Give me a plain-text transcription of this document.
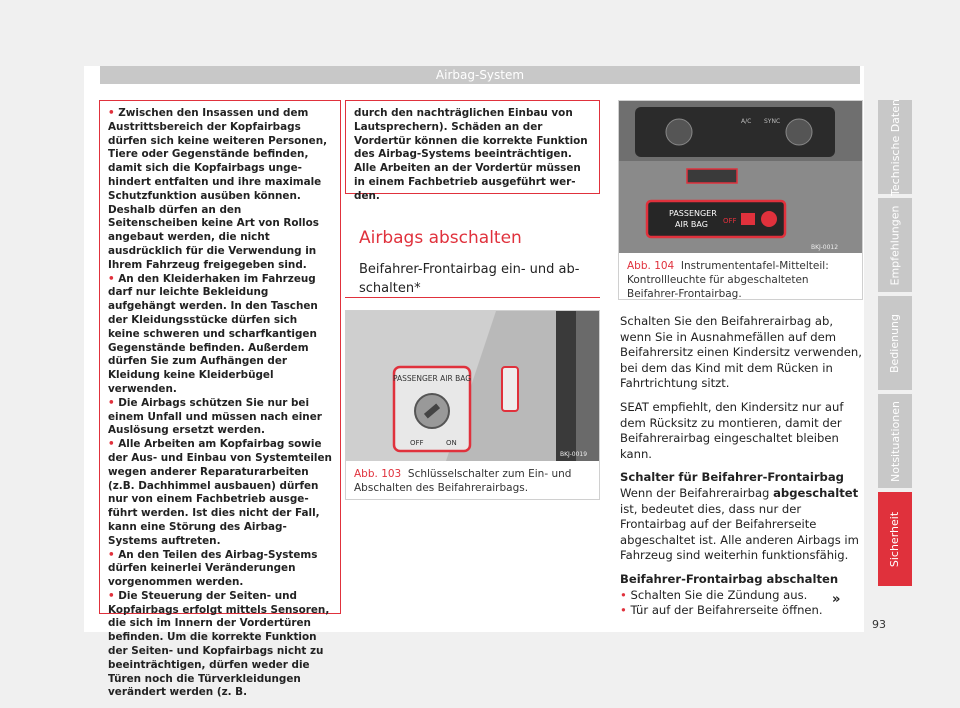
Airbag-System

• Zwischen den Insassen und dem Austrittsbereich der Kopfairbags dürfen sich keine weiteren Personen, Tiere oder Gegenstände befinden, damit sich die Kopfairbags ungehindert entfalten und ihre maximale Schutzfunktion ausüben können. Deshalb dürfen an den Seitenscheiben keine Art von Rollos angebaut werden, die nicht ausdrücklich für die Verwendung in Ihrem Fahrzeug freigegeben sind.

• An den Kleiderhaken im Fahrzeug darf nur leichte Bekleidung aufgehängt werden. In den Taschen der Kleidungsstücke dürfen sich keine schweren und scharfkantigen Gegenstände befinden. Außerdem dürfen Sie zum Aufhängen der Kleidung keine Kleiderbügel verwenden.

• Die Airbags schützen Sie nur bei einem Unfall und müssen nach einer Auslösung ersetzt werden.

• Alle Arbeiten am Kopfairbag sowie der Aus- und Einbau von Systemteilen wegen anderer Reparaturarbeiten (z.B. Dachhimmel ausbauen) dürfen nur von einem Fachbetrieb ausgeführt werden. Ist dies nicht der Fall, kann eine Störung des Airbag-Systems auftreten.

• An den Teilen des Airbag-Systems dürfen keinerlei Veränderungen vorgenommen werden.

• Die Steuerung der Seiten- und Kopfairbags erfolgt mittels Sensoren, die sich im Innern der Vordertüren befinden. Um die korrekte Funktion der Seiten- und Kopfairbags nicht zu beeinträchtigen, dürfen weder die Türen noch die Türverkleidungen verändert werden (z. B.

durch den nachträglichen Einbau von Lautsprechern). Schäden an der Vordertür können die korrekte Funktion des Airbag-Systems beeinträchtigen. Alle Arbeiten an der Vordertür müssen in einem Fachbetrieb ausgeführt werden.

Airbags abschalten
Beifahrer-Frontairbag ein- und abschalten*
PASSENGER AIR BAG
OFF	ON
BKJ-0019
Abb. 103 Schlüsselschalter zum Ein- und Abschalten des Beifahrerairbags.
A/C SYNC
PASSENGER
AIR BAG OFF
BKJ-0012
Abb. 104 Instrumententafel-Mittelteil: Kontrollleuchte für abgeschalteten Beifahrer-Frontairbag.

Schalten Sie den Beifahrerairbag ab, wenn Sie in Ausnahmefällen auf dem Beifahrersitz einen Kindersitz verwenden, bei dem das Kind mit dem Rücken in Fahrtrichtung sitzt.

SEAT empfiehlt, den Kindersitz nur auf dem Rücksitz zu montieren, damit der Beifahrerairbag eingeschaltet bleiben kann.

Schalter für Beifahrer-Frontairbag

Wenn der Beifahrerairbag abgeschaltet ist, bedeutet dies, dass nur der Frontairbag auf der Beifahrerseite abgeschaltet ist. Alle anderen Airbags im Fahrzeug sind weiterhin funktionsfähig.

Beifahrer-Frontairbag abschalten

• Schalten Sie die Zündung aus.

• Tür auf der Beifahrerseite öffnen.

»
Technische Daten
Empfehlungen
Bedienung
Notsituationen
Sicherheit
93
